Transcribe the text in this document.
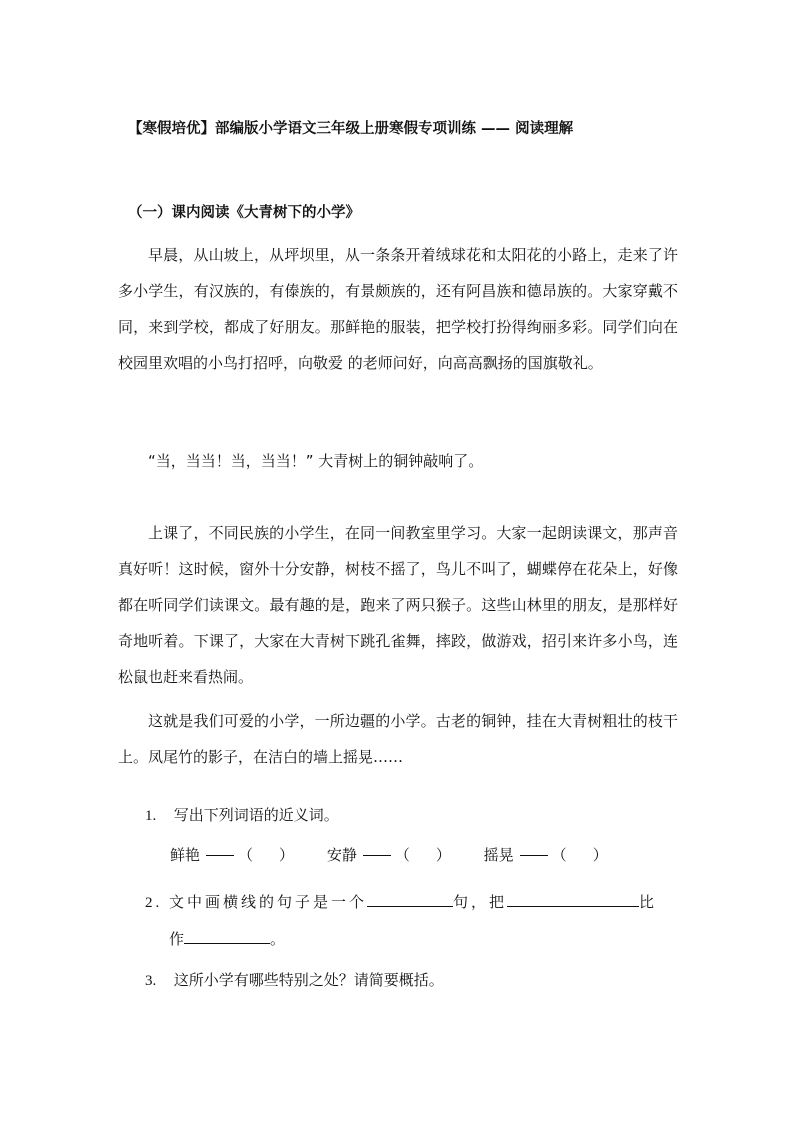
【寒假培优】部编版小学语文三年级上册寒假专项训练 —— 阅读理解
（一）课内阅读《大青树下的小学》

早晨，从山坡上，从坪坝里，从一条条开着绒球花和太阳花的小路上，走来了许多小学生，有汉族的，有傣族的，有景颇族的，还有阿昌族和德昂族的。大家穿戴不同，来到学校，都成了好朋友。那鲜艳的服装，把学校打扮得绚丽多彩。同学们向在校园里欢唱的小鸟打招呼，向敬爱 的老师问好，向高高飘扬的国旗敬礼。

“当，当当！当，当当！” 大青树上的铜钟敲响了。

上课了，不同民族的小学生，在同一间教室里学习。大家一起朗读课文，那声音真好听！这时候，窗外十分安静，树枝不摇了，鸟儿不叫了，蝴蝶停在花朵上，好像都在听同学们读课文。最有趣的是，跑来了两只猴子。这些山林里的朋友，是那样好奇地听着。下课了，大家在大青树下跳孔雀舞，摔跤，做游戏，招引来许多小鸟，连松鼠也赶来看热闹。

这就是我们可爱的小学，一所边疆的小学。古老的铜钟，挂在大青树粗壮的枝干上。凤尾竹的影子，在洁白的墙上摇晃……

1. 写出下列词语的近义词。
鲜艳	（ ） 安静	（ ） 摇晃	（ ）
2. 文中画横线的句子是一个	句，把	比
作	。
3. 这所小学有哪些特别之处？请简要概括。
